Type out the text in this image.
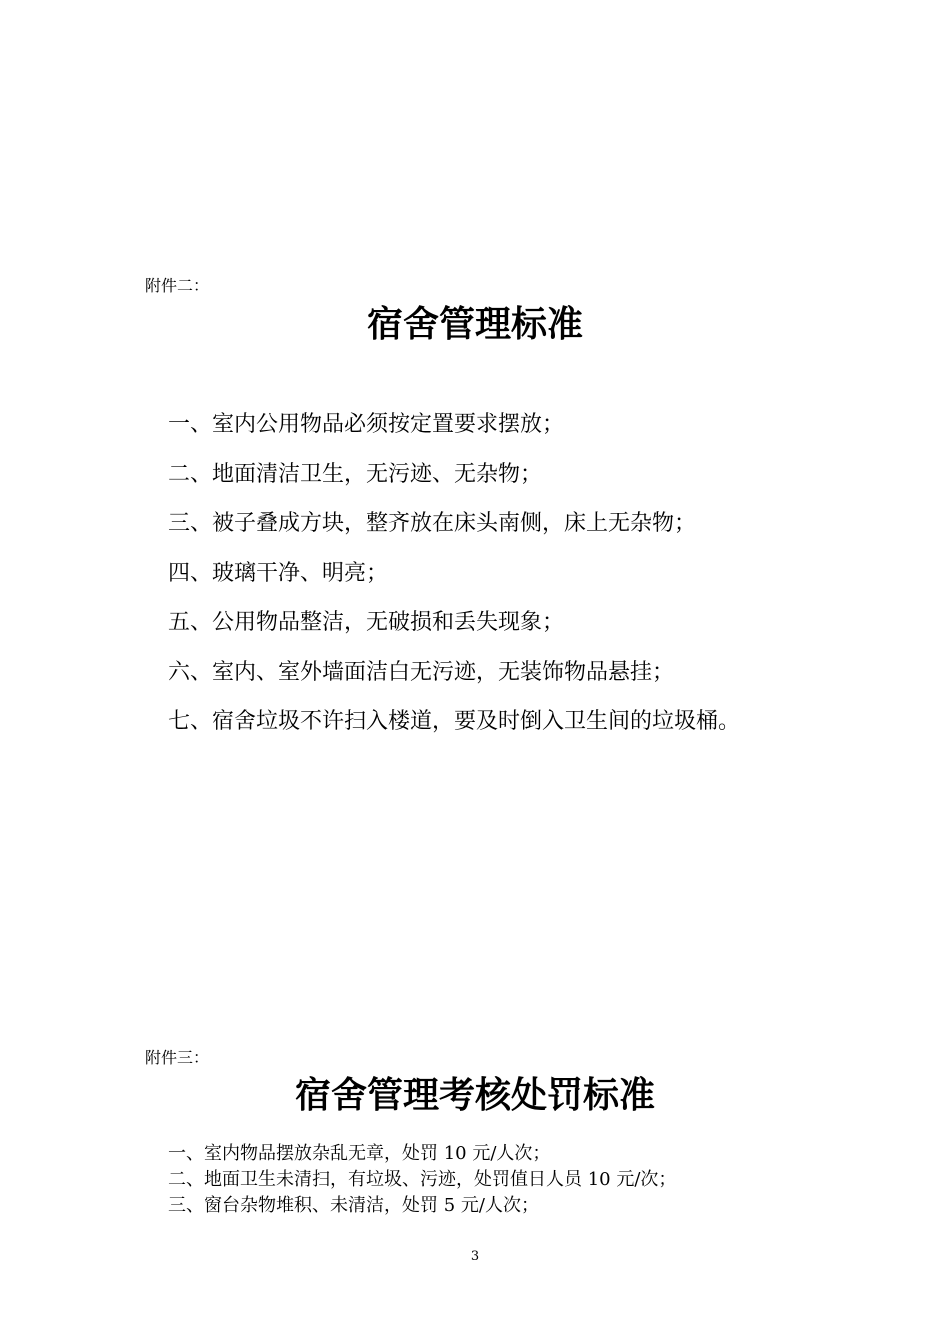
附件二：
宿舍管理标准
一、室内公用物品必须按定置要求摆放；
二、地面清洁卫生，无污迹、无杂物；
三、被子叠成方块，整齐放在床头南侧，床上无杂物；
四、玻璃干净、明亮；
五、公用物品整洁，无破损和丢失现象；
六、室内、室外墙面洁白无污迹，无装饰物品悬挂；
七、宿舍垃圾不许扫入楼道，要及时倒入卫生间的垃圾桶。
附件三：
宿舍管理考核处罚标准
一、室内物品摆放杂乱无章，处罚 10 元/人次；
二、地面卫生未清扫，有垃圾、污迹，处罚值日人员 10 元/次；
三、窗台杂物堆积、未清洁，处罚 5 元/人次；
3
